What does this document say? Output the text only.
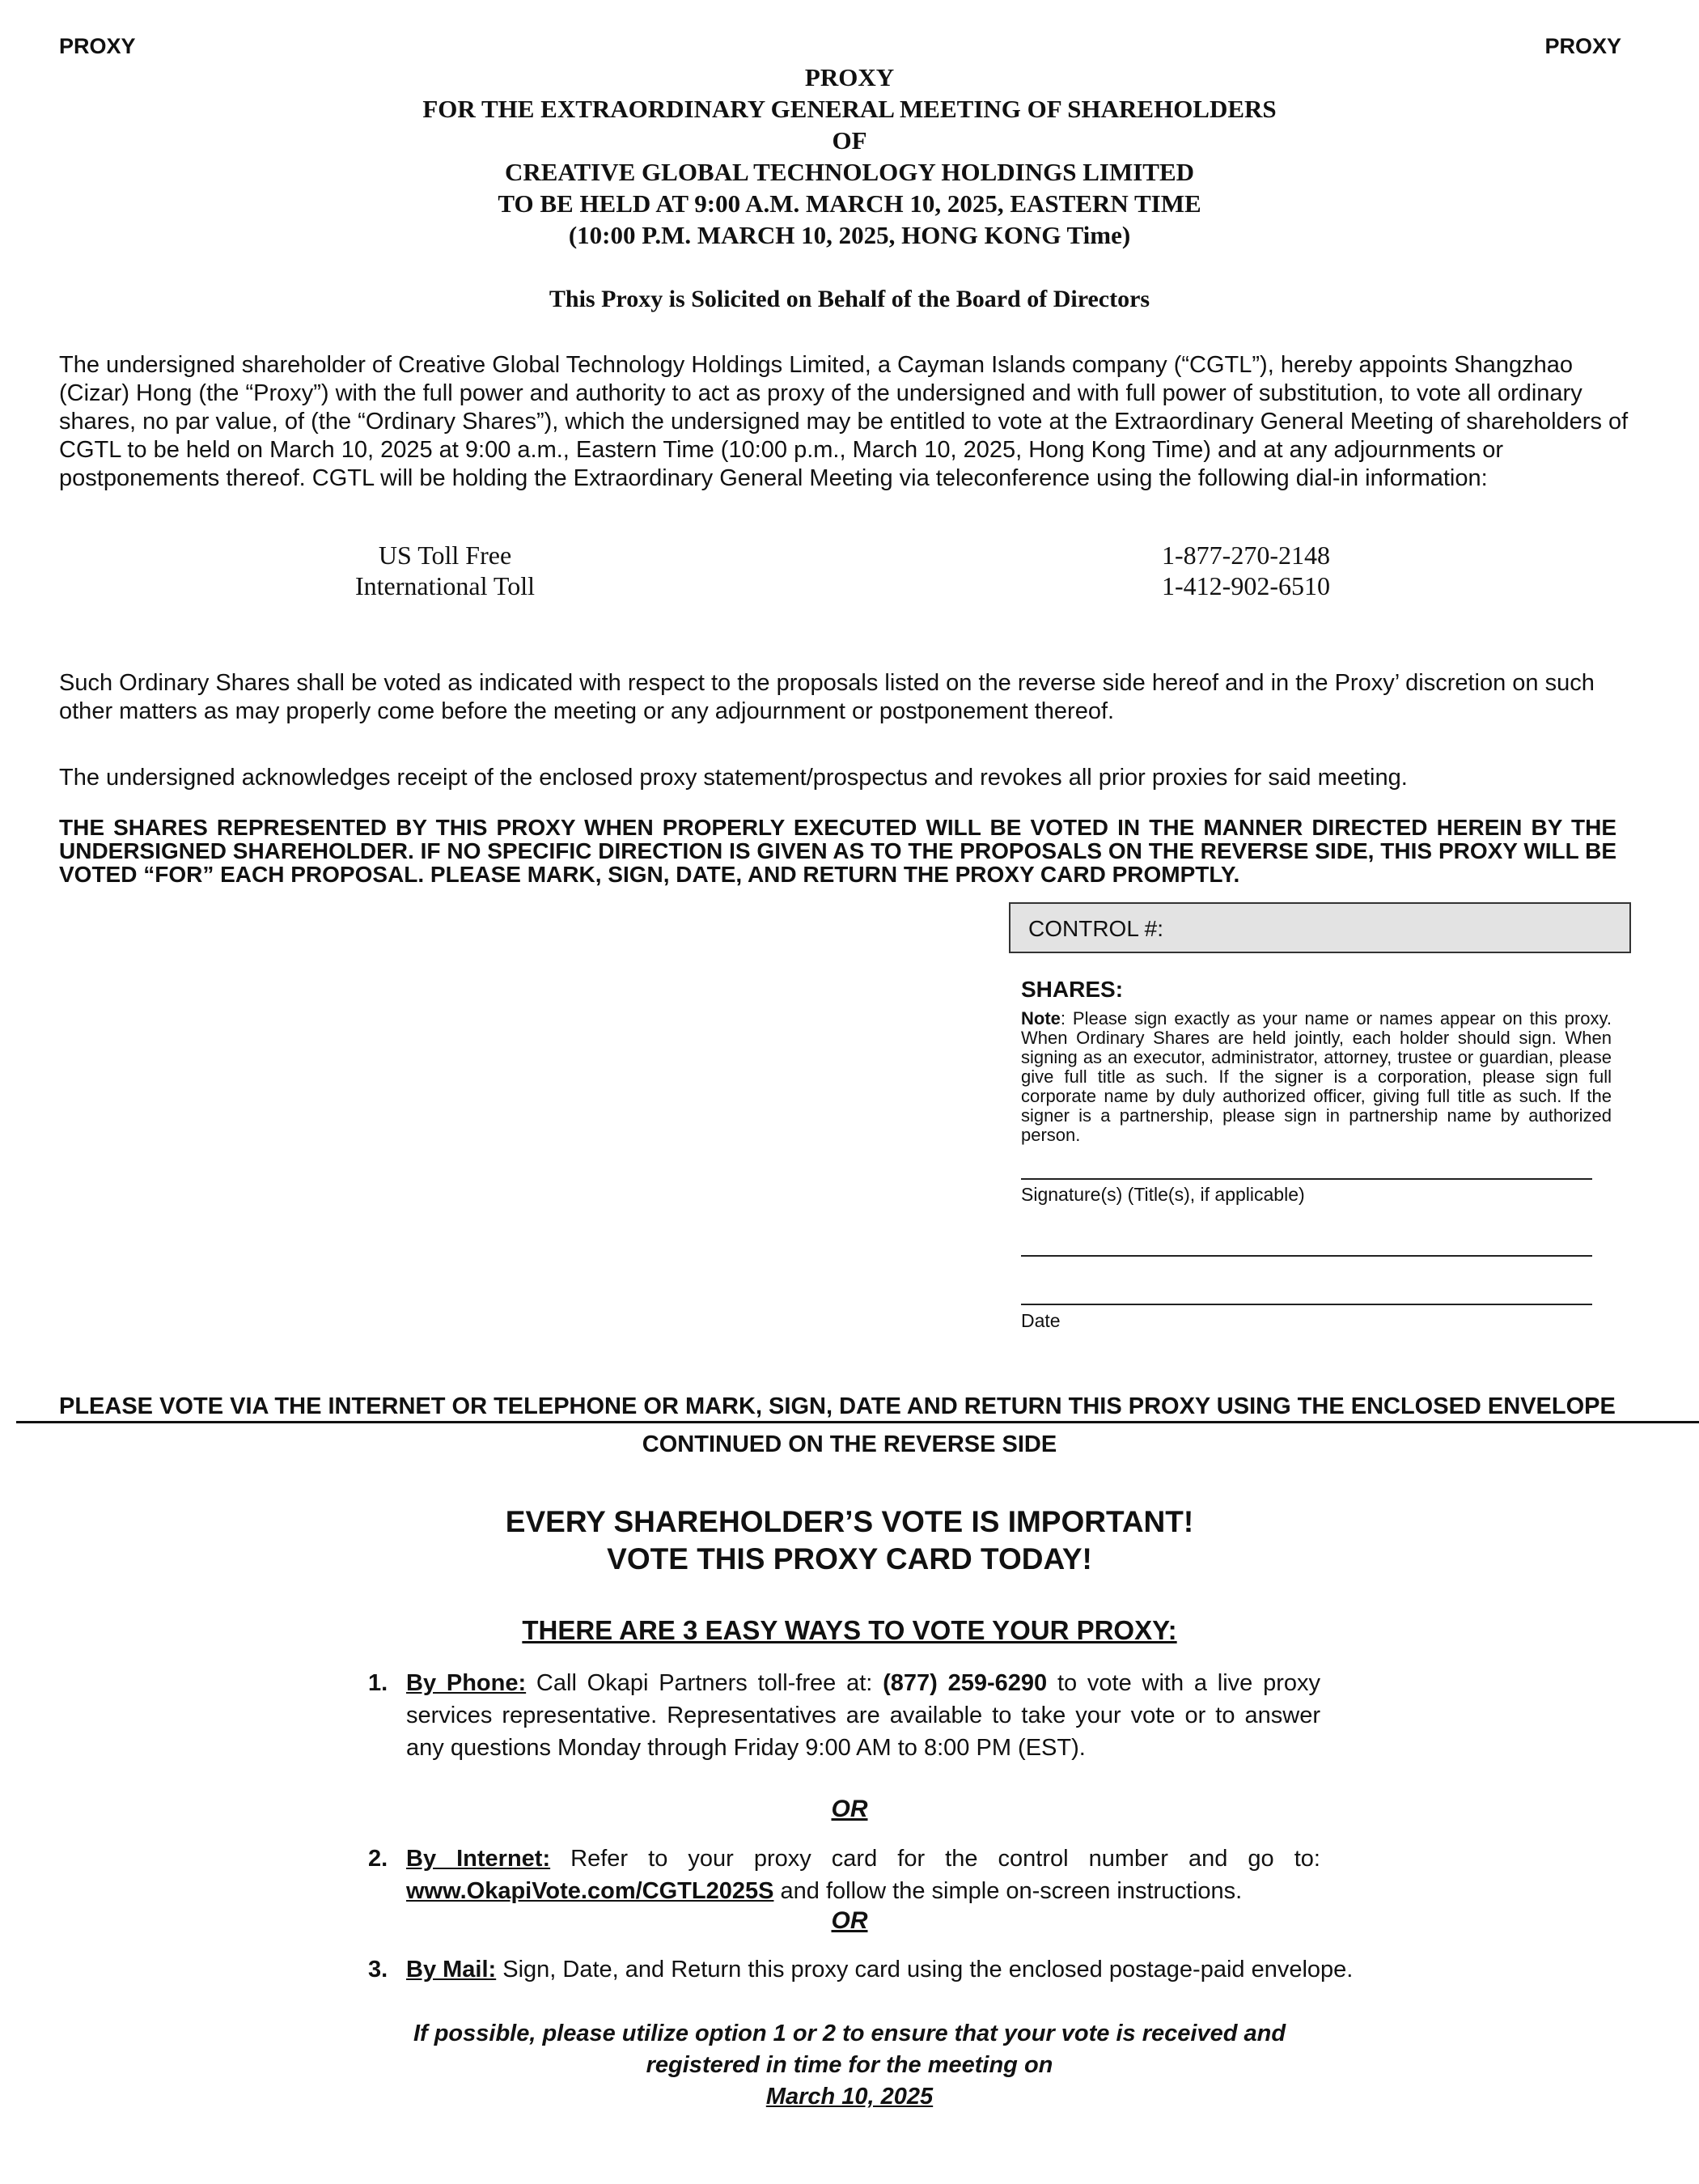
PROXY	PROXY
PROXY
FOR THE EXTRAORDINARY GENERAL MEETING OF SHAREHOLDERS
OF
CREATIVE GLOBAL TECHNOLOGY HOLDINGS LIMITED
TO BE HELD AT 9:00 A.M. MARCH 10, 2025, EASTERN TIME
(10:00 P.M. MARCH 10, 2025, HONG KONG Time)
This Proxy is Solicited on Behalf of the Board of Directors
The undersigned shareholder of Creative Global Technology Holdings Limited, a Cayman Islands company (“CGTL”), hereby appoints Shangzhao (Cizar) Hong (the “Proxy”) with the full power and authority to act as proxy of the undersigned and with full power of substitution, to vote all ordinary shares, no par value, of (the “Ordinary Shares”), which the undersigned may be entitled to vote at the Extraordinary General Meeting of shareholders of CGTL to be held on March 10, 2025 at 9:00 a.m., Eastern Time (10:00 p.m., March 10, 2025, Hong Kong Time) and at any adjournments or postponements thereof. CGTL will be holding the Extraordinary General Meeting via teleconference using the following dial-in information:
US Toll Free	1-877-270-2148
International Toll	1-412-902-6510
Such Ordinary Shares shall be voted as indicated with respect to the proposals listed on the reverse side hereof and in the Proxy’ discretion on such other matters as may properly come before the meeting or any adjournment or postponement thereof.
The undersigned acknowledges receipt of the enclosed proxy statement/prospectus and revokes all prior proxies for said meeting.
THE SHARES REPRESENTED BY THIS PROXY WHEN PROPERLY EXECUTED WILL BE VOTED IN THE MANNER DIRECTED HEREIN BY THE UNDERSIGNED SHAREHOLDER. IF NO SPECIFIC DIRECTION IS GIVEN AS TO THE PROPOSALS ON THE REVERSE SIDE, THIS PROXY WILL BE VOTED “FOR” EACH PROPOSAL. PLEASE MARK, SIGN, DATE, AND RETURN THE PROXY CARD PROMPTLY.
CONTROL #:
SHARES:
Note: Please sign exactly as your name or names appear on this proxy. When Ordinary Shares are held jointly, each holder should sign. When signing as an executor, administrator, attorney, trustee or guardian, please give full title as such. If the signer is a corporation, please sign full corporate name by duly authorized officer, giving full title as such. If the signer is a partnership, please sign in partnership name by authorized person.
Signature(s) (Title(s), if applicable)
Date
PLEASE VOTE VIA THE INTERNET OR TELEPHONE OR MARK, SIGN, DATE AND RETURN THIS PROXY USING THE ENCLOSED ENVELOPE
CONTINUED ON THE REVERSE SIDE
EVERY SHAREHOLDER’S VOTE IS IMPORTANT!
VOTE THIS PROXY CARD TODAY!
THERE ARE 3 EASY WAYS TO VOTE YOUR PROXY:
1. By Phone: Call Okapi Partners toll-free at: (877) 259-6290 to vote with a live proxy services representative. Representatives are available to take your vote or to answer any questions Monday through Friday 9:00 AM to 8:00 PM (EST).
OR
2. By Internet: Refer to your proxy card for the control number and go to: www.OkapiVote.com/CGTL2025S and follow the simple on-screen instructions.
OR
3. By Mail: Sign, Date, and Return this proxy card using the enclosed postage-paid envelope.
If possible, please utilize option 1 or 2 to ensure that your vote is received and
registered in time for the meeting on
March 10, 2025
